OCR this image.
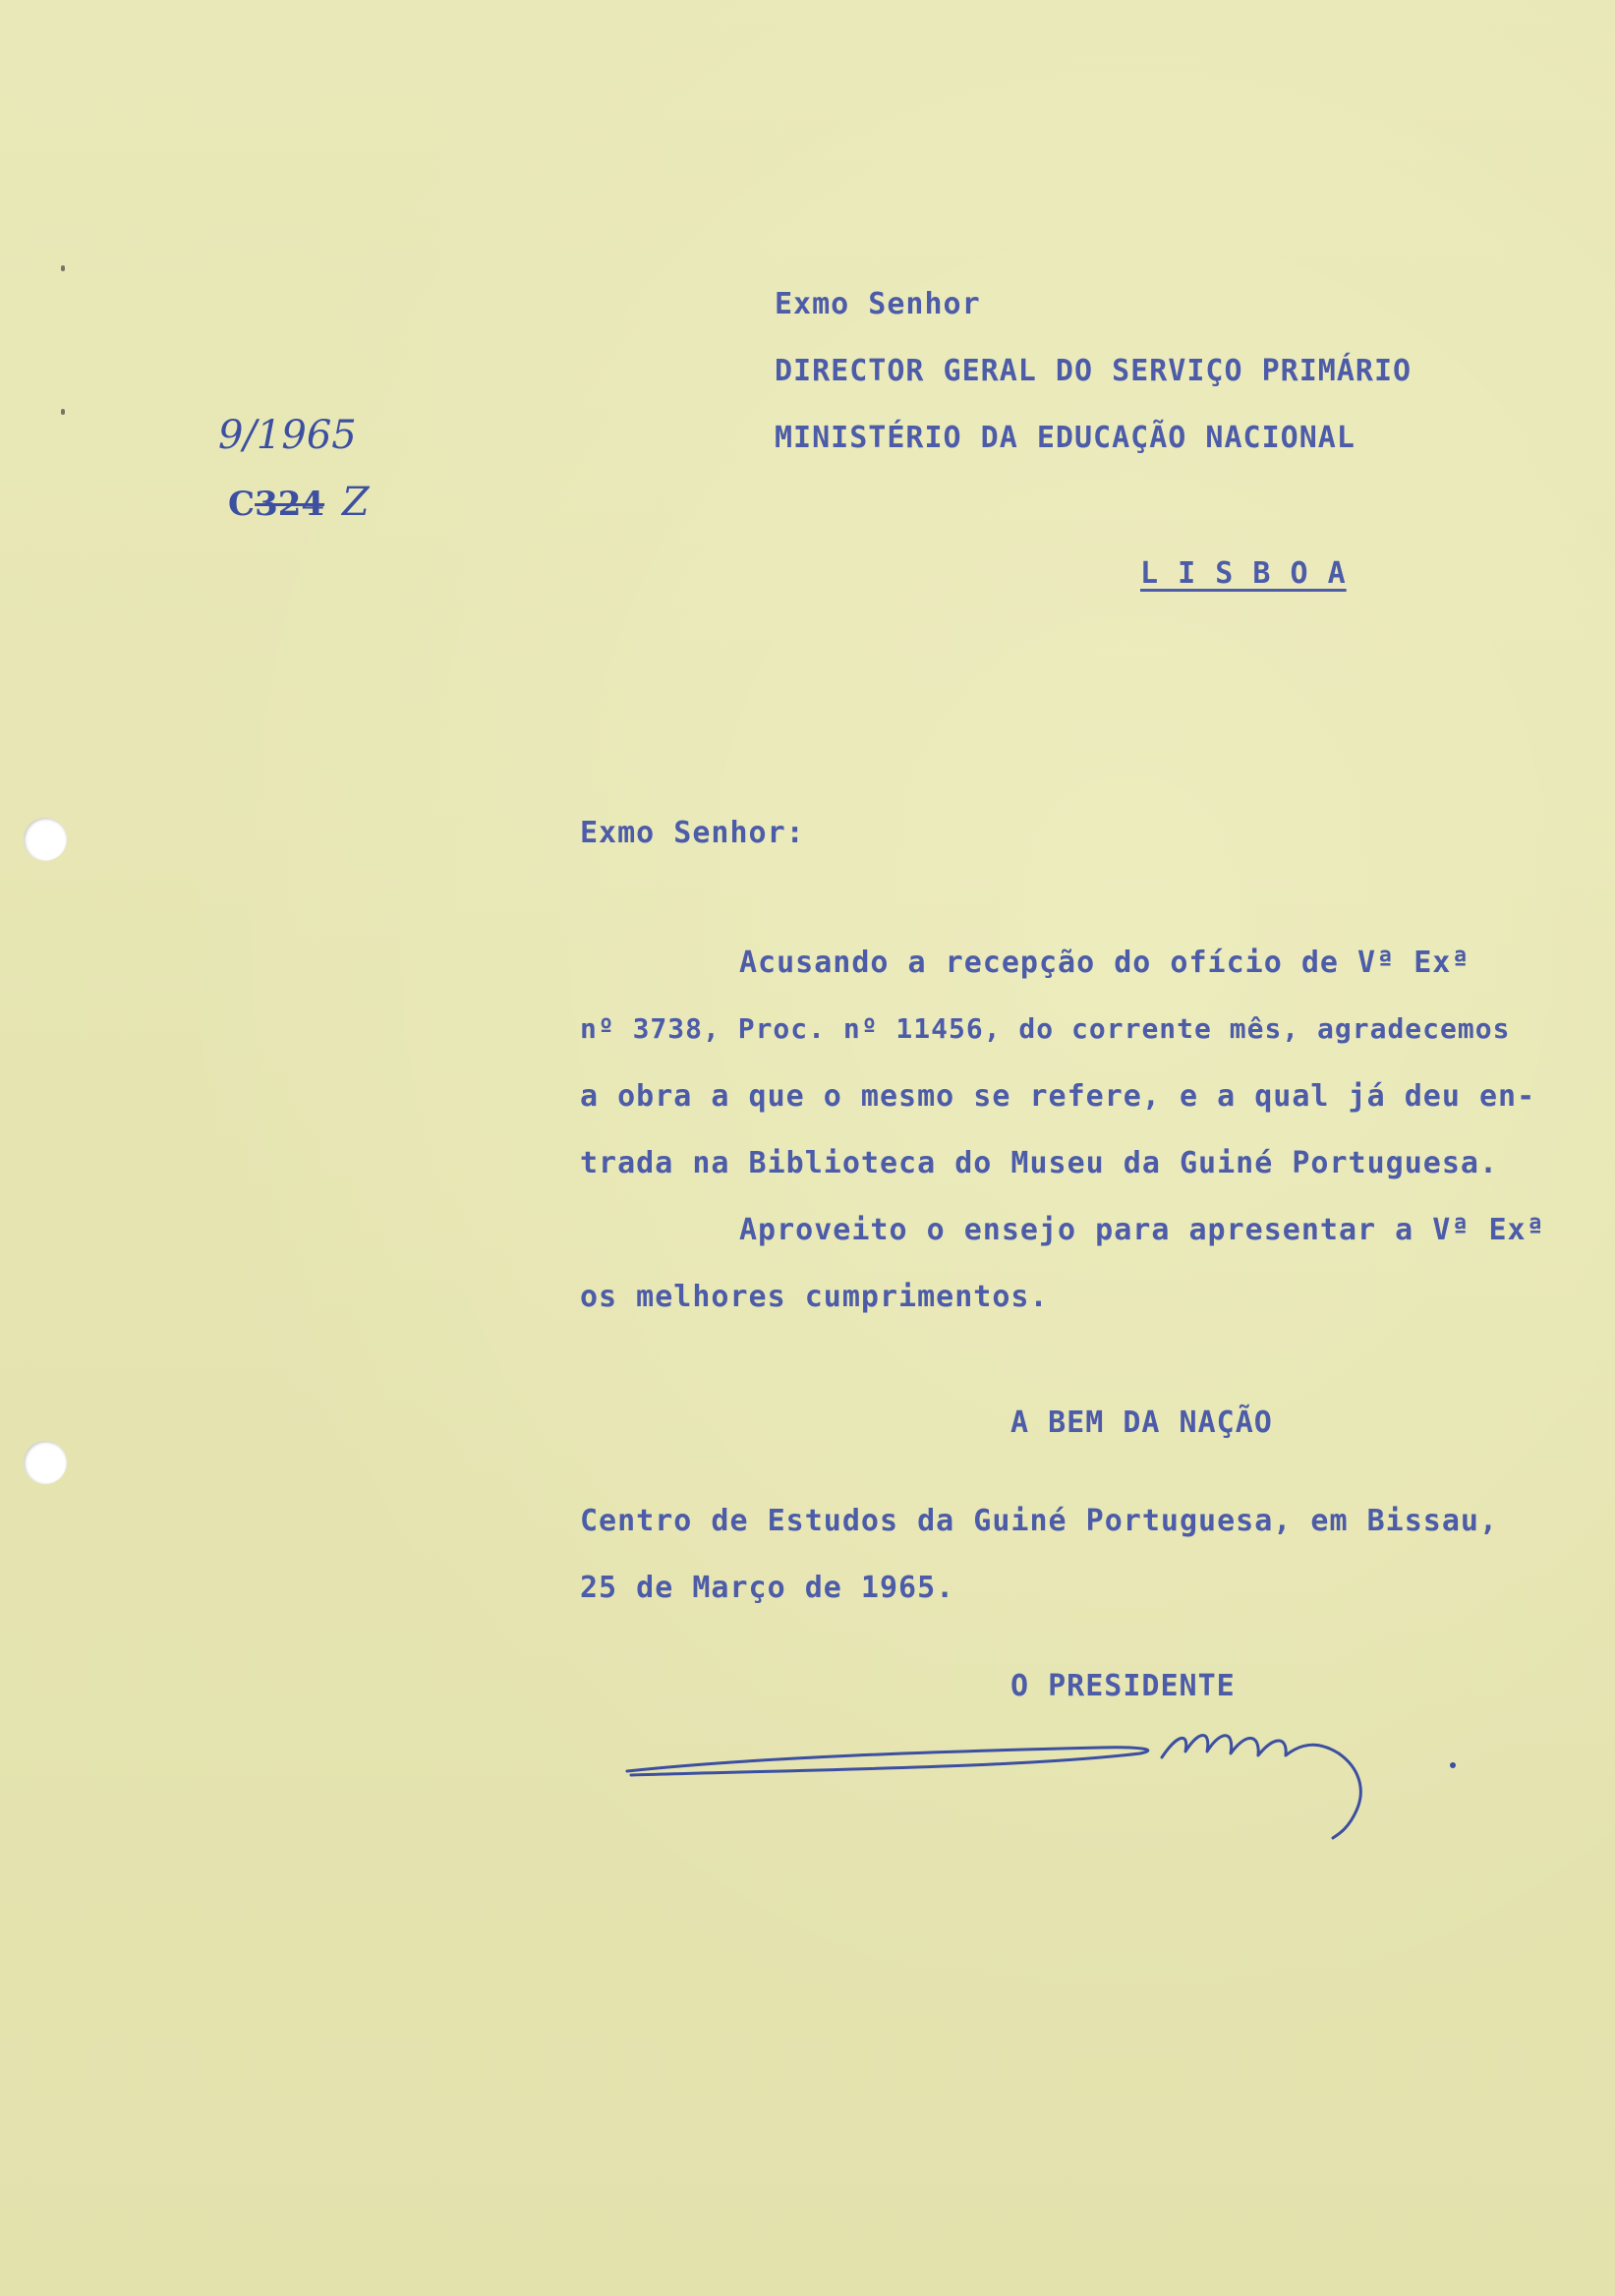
9/1965
C324 Z
Exmo Senhor
DIRECTOR GERAL DO SERVIÇO PRIMÁRIO
MINISTÉRIO DA EDUCAÇÃO NACIONAL
L I S B O A
Exmo Senhor:
Acusando a recepção do ofício de Vª Exª
nº 3738, Proc. nº 11456, do corrente mês, agradecemos
a obra a que o mesmo se refere, e a qual já deu en-
trada na Biblioteca do Museu da Guiné Portuguesa.
Aproveito o ensejo para apresentar a Vª Exª
os melhores cumprimentos.
A BEM DA NAÇÃO
Centro de Estudos da Guiné Portuguesa, em Bissau,
25 de Março de 1965.
O PRESIDENTE
